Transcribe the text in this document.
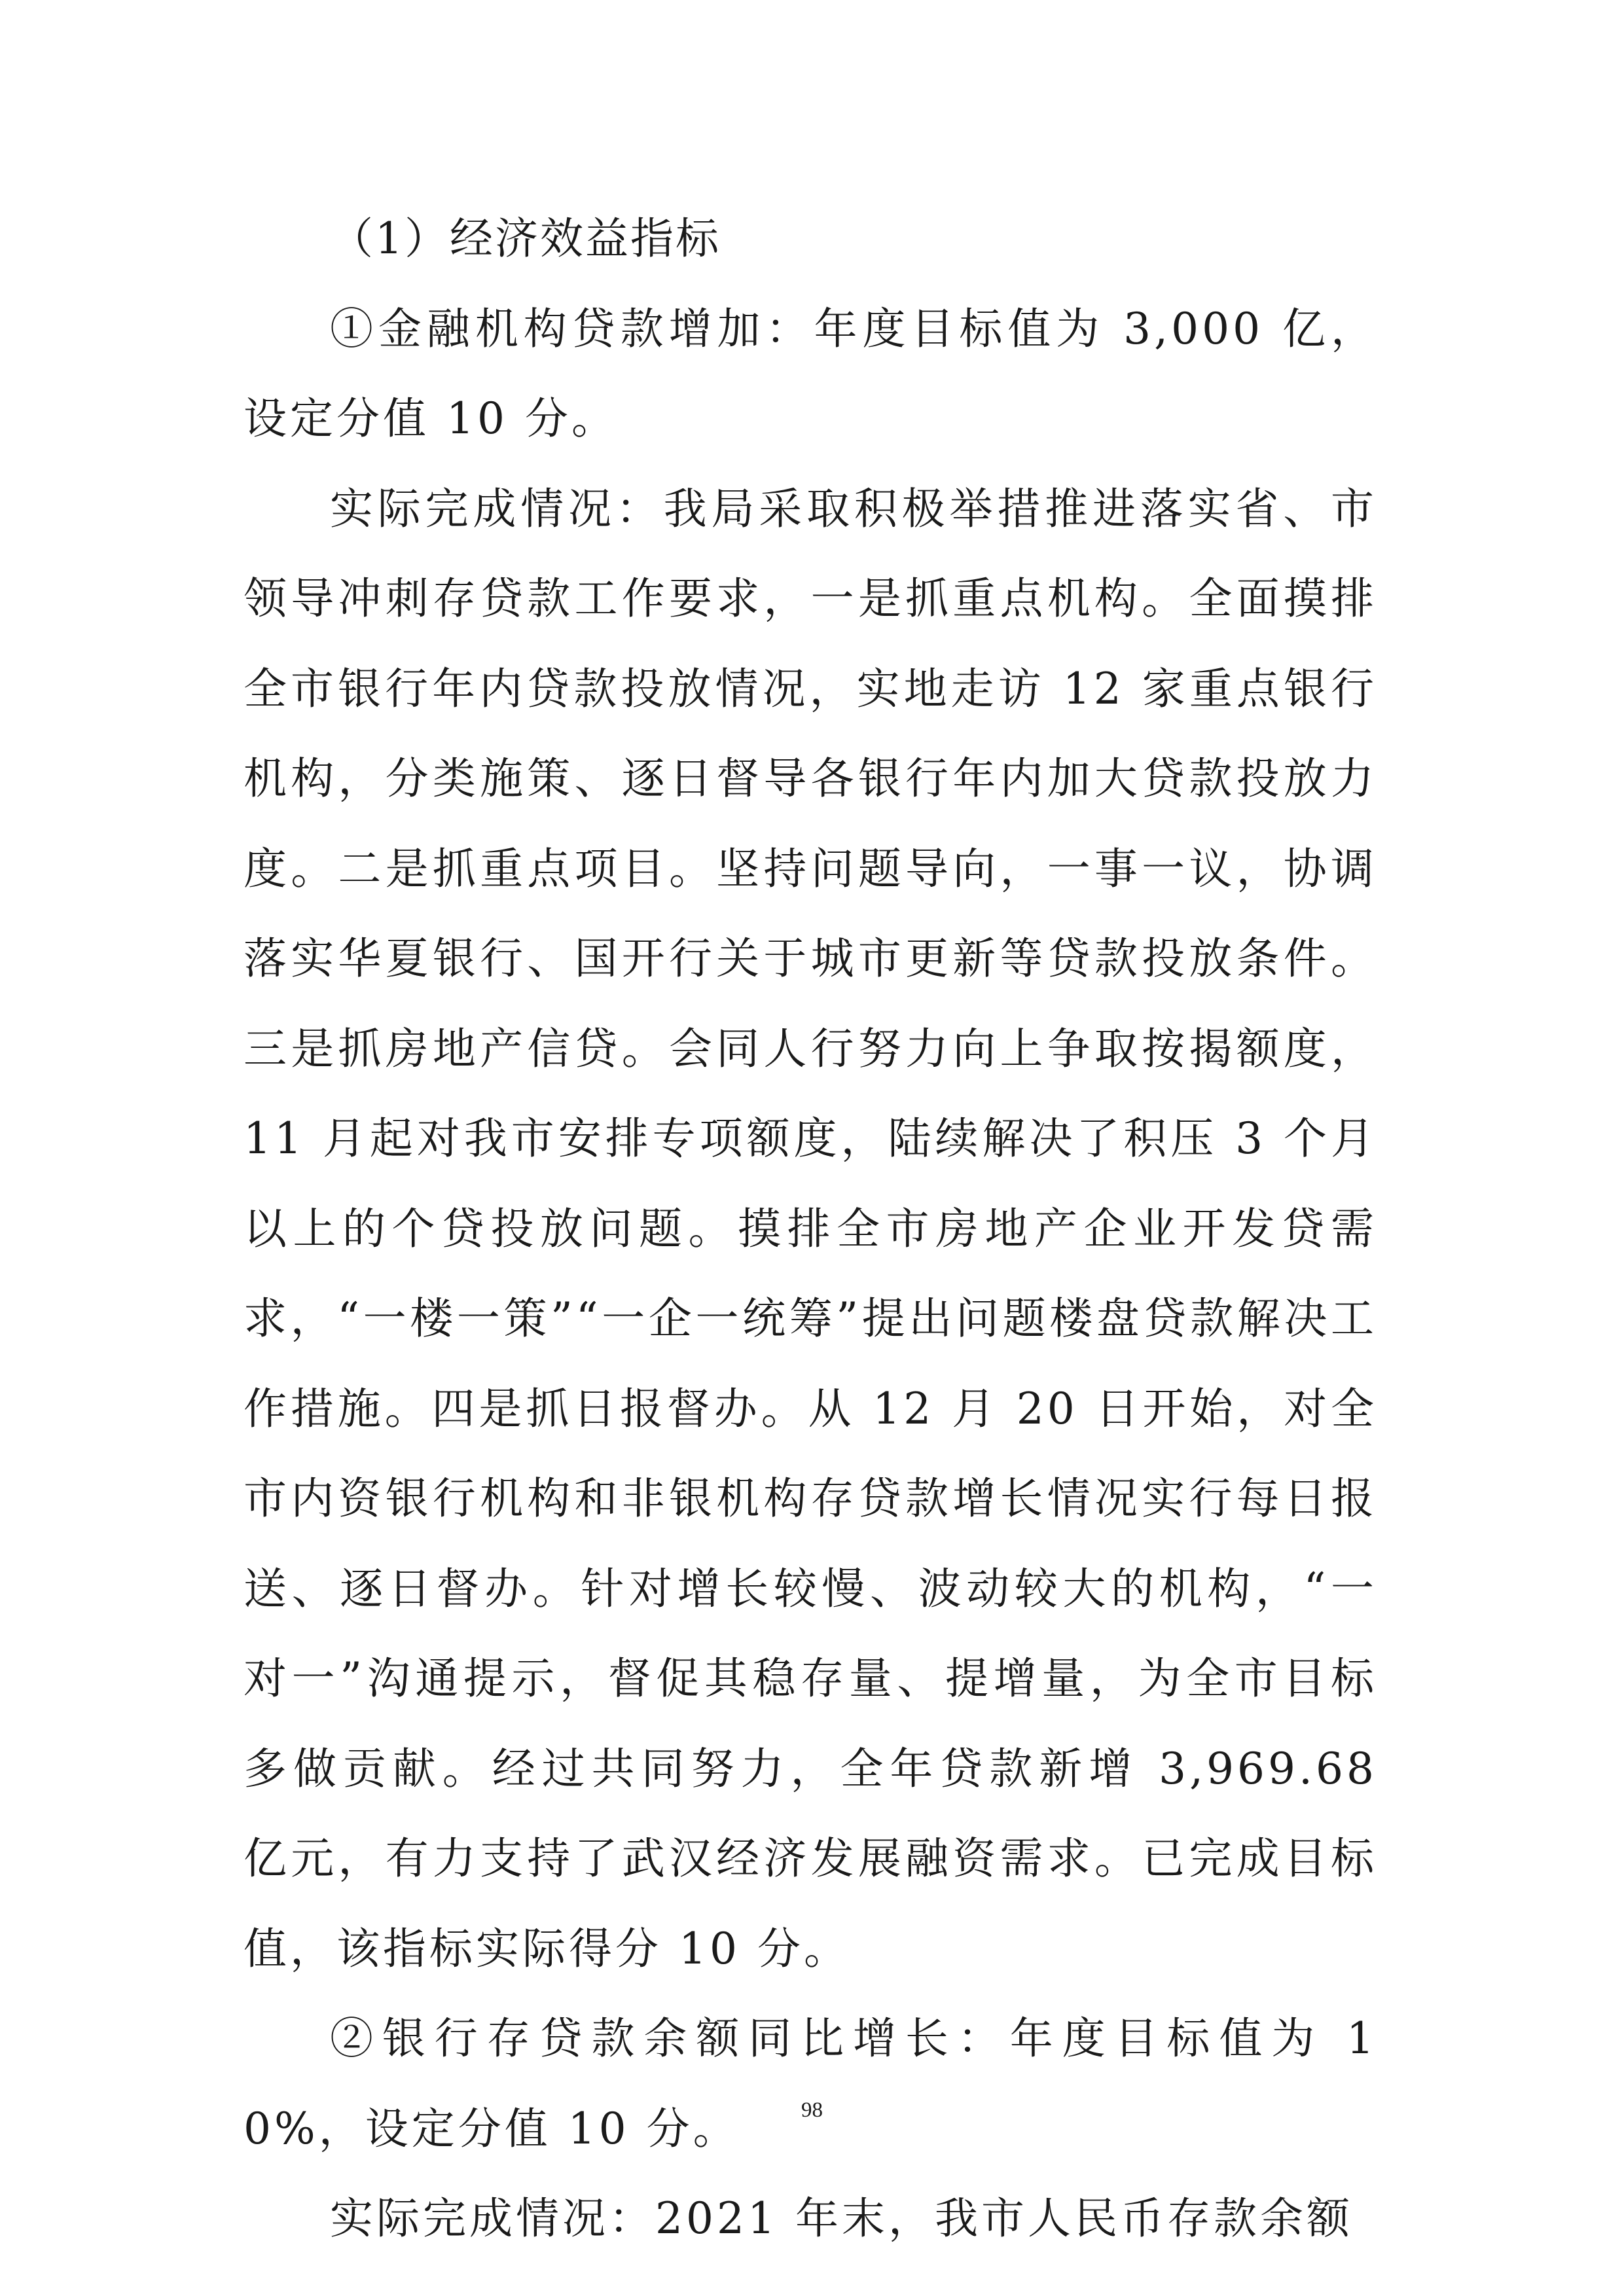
（1）经济效益指标

①金融机构贷款增加：年度目标值为 3,000 亿，设定分值 10 分。

实际完成情况：我局采取积极举措推进落实省、市领导冲刺存贷款工作要求，一是抓重点机构。全面摸排全市银行年内贷款投放情况，实地走访 12 家重点银行机构，分类施策、逐日督导各银行年内加大贷款投放力度。二是抓重点项目。坚持问题导向，一事一议，协调落实华夏银行、国开行关于城市更新等贷款投放条件。三是抓房地产信贷。会同人行努力向上争取按揭额度，11 月起对我市安排专项额度，陆续解决了积压 3 个月以上的个贷投放问题。摸排全市房地产企业开发贷需求，“一楼一策”“一企一统筹”提出问题楼盘贷款解决工作措施。四是抓日报督办。从 12 月 20 日开始，对全市内资银行机构和非银机构存贷款增长情况实行每日报送、逐日督办。针对增长较慢、波动较大的机构，“一对一”沟通提示，督促其稳存量、提增量，为全市目标多做贡献。经过共同努力，全年贷款新增 3,969.68 亿元，有力支持了武汉经济发展融资需求。已完成目标值，该指标实际得分 10 分。

②银行存贷款余额同比增长：年度目标值为 10%，设定分值 10 分。

实际完成情况：2021 年末，我市人民币存款余额

98
